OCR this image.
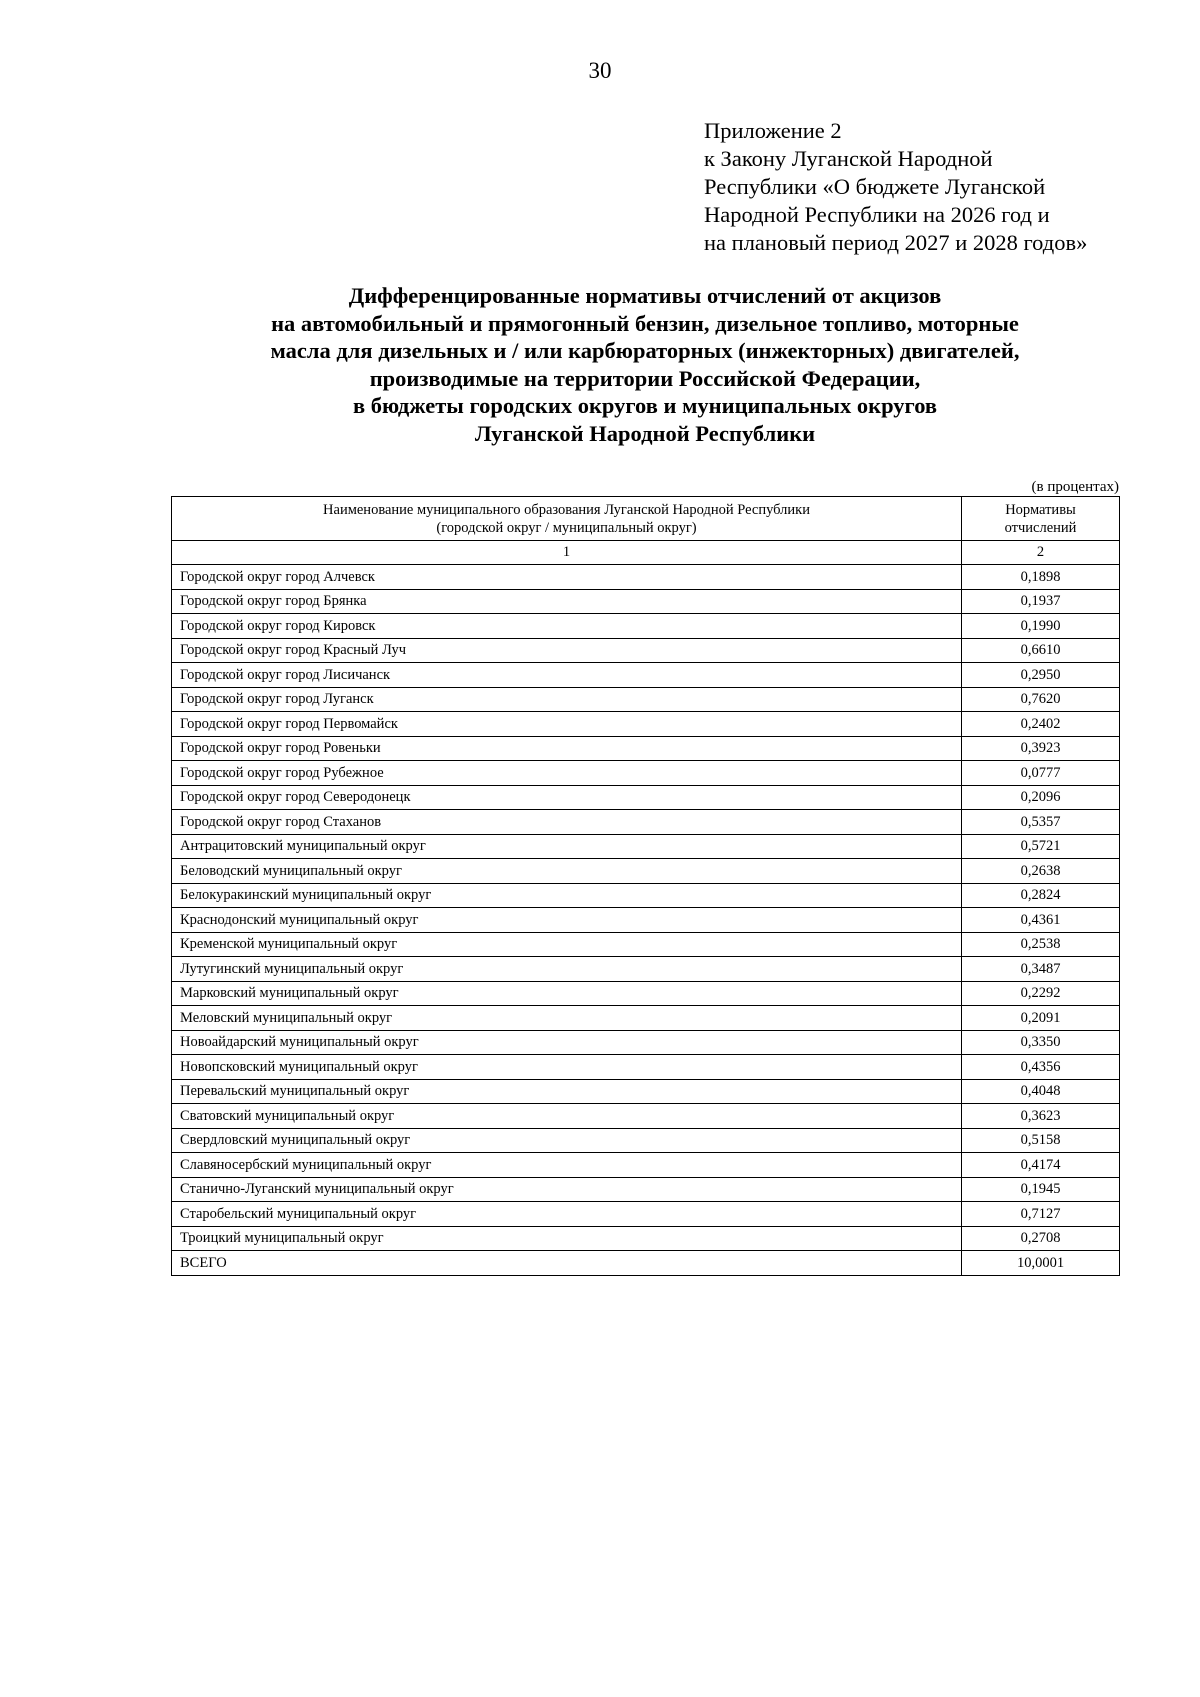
30
Приложение 2
к Закону Луганской Народной
Республики «О бюджете Луганской
Народной Республики на 2026 год и
на плановый период 2027 и 2028 годов»
Дифференцированные нормативы отчислений от акцизов
на автомобильный и прямогонный бензин, дизельное топливо, моторные
масла для дизельных и / или карбюраторных (инжекторных) двигателей,
производимые на территории Российской Федерации,
в бюджеты городских округов и муниципальных округов
Луганской Народной Республики
(в процентах)
Наименование муниципального образования Луганской Народной Республики
(городской округ / муниципальный округ)	Нормативы
отчислений

1	2
Городской округ город Алчевск	0,1898
Городской округ город Брянка	0,1937
Городской округ город Кировск	0,1990
Городской округ город Красный Луч	0,6610
Городской округ город Лисичанск	0,2950
Городской округ город Луганск	0,7620
Городской округ город Первомайск	0,2402
Городской округ город Ровеньки	0,3923
Городской округ город Рубежное	0,0777
Городской округ город Северодонецк	0,2096
Городской округ город Стаханов	0,5357
Антрацитовский муниципальный округ	0,5721
Беловодский муниципальный округ	0,2638
Белокуракинский муниципальный округ	0,2824
Краснодонский муниципальный округ	0,4361
Кременской муниципальный округ	0,2538
Лутугинский муниципальный округ	0,3487
Марковский муниципальный округ	0,2292
Меловский муниципальный округ	0,2091
Новоайдарский муниципальный округ	0,3350
Новопсковский муниципальный округ	0,4356
Перевальский муниципальный округ	0,4048
Сватовский муниципальный округ	0,3623
Свердловский муниципальный округ	0,5158
Славяносербский муниципальный округ	0,4174
Станично-Луганский муниципальный округ	0,1945
Старобельский муниципальный округ	0,7127
Троицкий муниципальный округ	0,2708
ВСЕГО	10,0001
